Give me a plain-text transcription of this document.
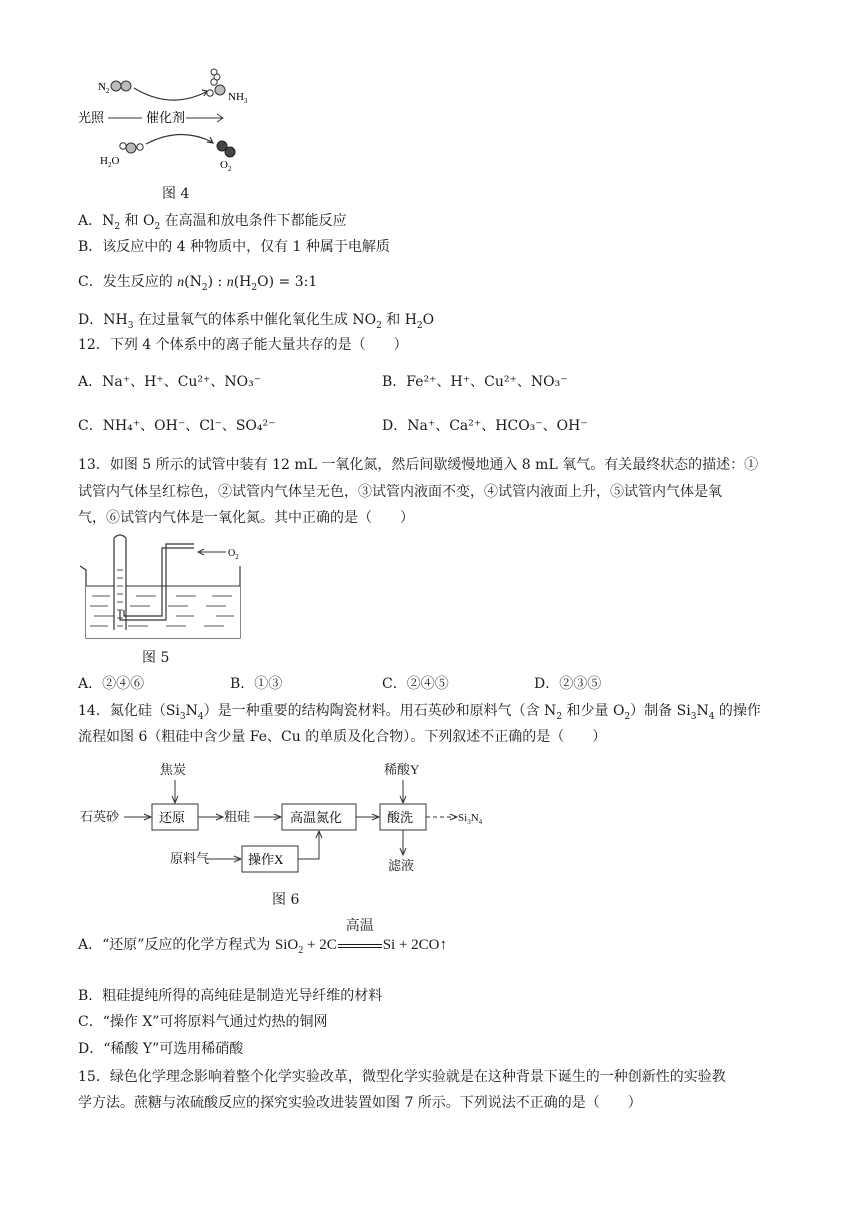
$N_2$	$NH_3$
光照	催化剂
$H_2O$	$O_2$
图 4
A．$N_2$ 和 $O_2$ 在高温和放电条件下都能反应
B．该反应中的 4 种物质中，仅有 1 种属于电解质
C．发生反应的 $n(N_2)$ : $n(H_2O)$ = 3:1
D．$NH_3$ 在过量氧气的体系中催化氧化生成 $NO_2$ 和 $H_2O$
12．下列 4 个体系中的离子能大量共存的是（　　）
A．Na⁺、H⁺、Cu²⁺、NO₃⁻	B．Fe²⁺、H⁺、Cu²⁺、NO₃⁻
C．NH₄⁺、OH⁻、Cl⁻、SO₄²⁻	D．Na⁺、Ca²⁺、HCO₃⁻、OH⁻
13．如图 5 所示的试管中装有 12 mL 一氧化氮，然后间歇缓慢地通入 8 mL 氧气。有关最终状态的描述：①
试管内气体呈红棕色，②试管内气体呈无色，③试管内液面不变，④试管内液面上升，⑤试管内气体是氧
气，⑥试管内气体是一氧化氮。其中正确的是（　　）
$O_2$
图 5
A．②④⑥	B．①③	C．②④⑤	D．②③⑤
14．氮化硅$(Si_3N_4)$是一种重要的结构陶瓷材料。用石英砂和原料气（含 $N_2$ 和少量 $O_2$）制备 $Si_3N_4$ 的操作
流程如图 6（粗硅中含少量 Fe、Cu 的单质及化合物）。下列叙述不正确的是（　　）
焦炭
石英砂	粗硅
稀酸Y
原料气	滤液
$Si_3N_4$
还原	高温氮化	酸洗
操作X
图 6
A．“还原”反应的化学方程式为 SiO$_2$ + 2C
高温
Si + 2CO↑
B．粗硅提纯所得的高纯硅是制造光导纤维的材料
C．“操作 X”可将原料气通过灼热的铜网
D．“稀酸 Y”可选用稀硝酸
15．绿色化学理念影响着整个化学实验改革，微型化学实验就是在这种背景下诞生的一种创新性的实验教
学方法。蔗糖与浓硫酸反应的探究实验改进装置如图 7 所示。下列说法不正确的是（　　）
